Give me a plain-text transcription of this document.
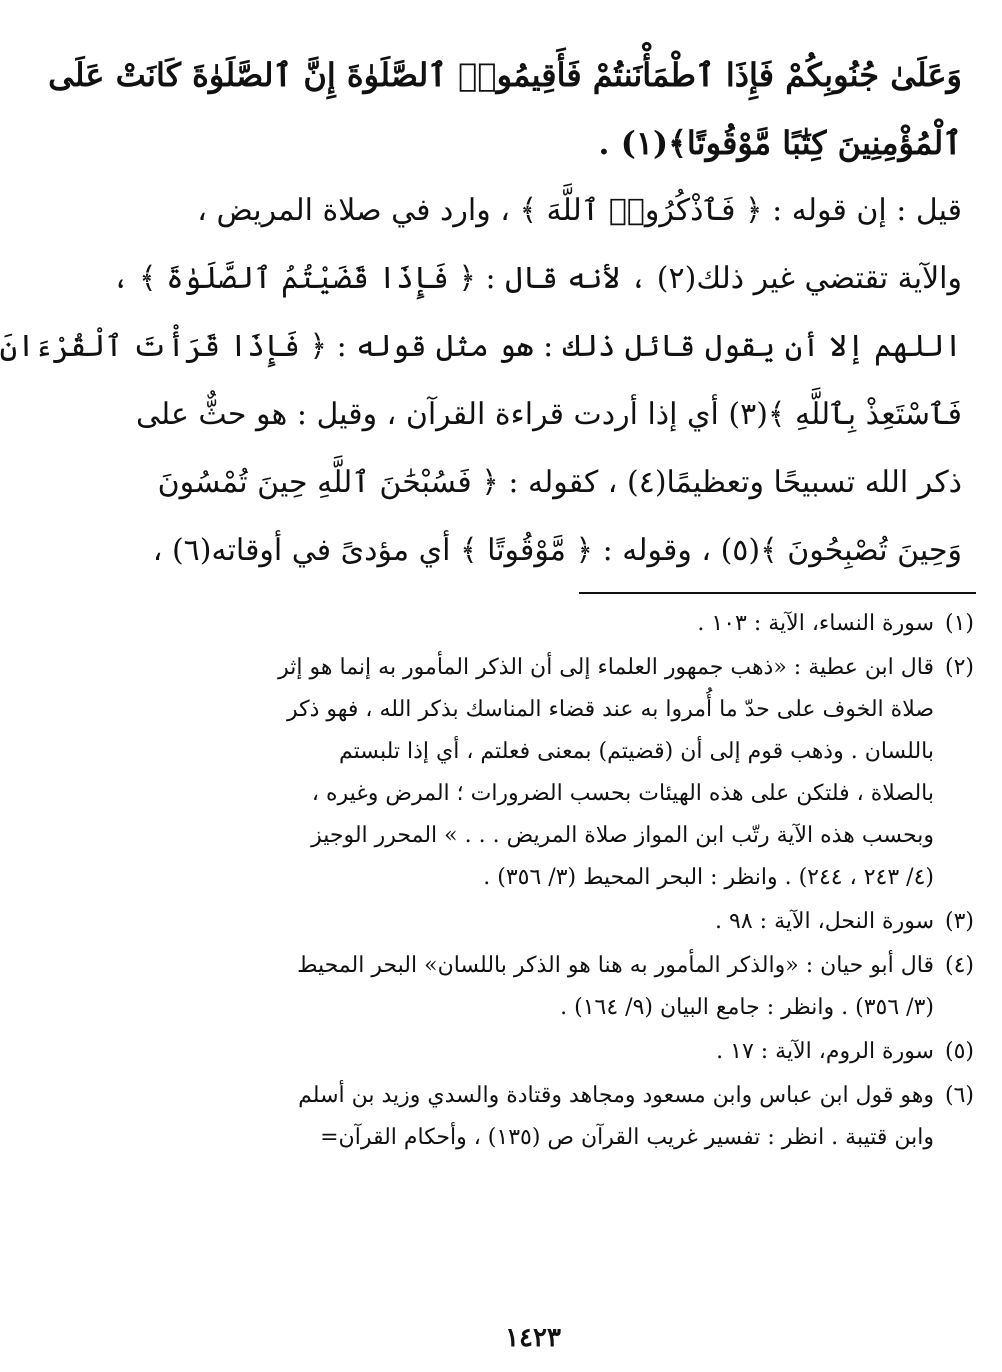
وَعَلَىٰ جُنُوبِكُمْ فَإِذَا ٱطْمَأْنَنتُمْ فَأَقِيمُوا۟ ٱلصَّلَوٰةَ إِنَّ ٱلصَّلَوٰةَ كَانَتْ عَلَى
ٱلْمُؤْمِنِينَ كِتَٰبًا مَّوْقُوتًا﴾(١) .
قيل : إن قوله : ﴿ فَٱذْكُرُوا۟ ٱللَّهَ ﴾ ، وارد في صلاة المريض ،
والآية تقتضي غير ذلك(٢) ، لأنه قال : ﴿ فَإِذَا قَضَيْتُمُ ٱلصَّلَوٰةَ ﴾ ،
اللهم إلا أن يقول قائل ذلك : هو مثل قوله : ﴿ فَإِذَا قَرَأْتَ ٱلْقُرْءَانَ
فَٱسْتَعِذْ بِٱللَّهِ ﴾(٣) أي إذا أردت قراءة القرآن ، وقيل : هو حثٌّ على
ذكر الله تسبيحًا وتعظيمًا(٤) ، كقوله : ﴿ فَسُبْحَٰنَ ٱللَّهِ حِينَ تُمْسُونَ
وَحِينَ تُصْبِحُونَ ﴾(٥) ، وقوله : ﴿ مَّوْقُوتًا ﴾ أي مؤدىً في أوقاته(٦) ،
(١)
سورة النساء، الآية : ١٠٣ .
(٢)
قال ابن عطية : «ذهب جمهور العلماء إلى أن الذكر المأمور به إنما هو إثر
صلاة الخوف على حدّ ما أُمروا به عند قضاء المناسك بذكر الله ، فهو ذكر
باللسان . وذهب قوم إلى أن (قضيتم) بمعنى فعلتم ، أي إذا تلبستم
بالصلاة ، فلتكن على هذه الهيئات بحسب الضرورات ؛ المرض وغيره ،
وبحسب هذه الآية رتّب ابن المواز صلاة المريض . . . » المحرر الوجيز
(٤/ ٢٤٣ ، ٢٤٤) . وانظر : البحر المحيط (٣/ ٣٥٦) .
(٣)
سورة النحل، الآية : ٩٨ .
(٤)
قال أبو حيان : «والذكر المأمور به هنا هو الذكر باللسان» البحر المحيط
(٣/ ٣٥٦) . وانظر : جامع البيان (٩/ ١٦٤) .
(٥)
سورة الروم، الآية : ١٧ .
(٦)
وهو قول ابن عباس وابن مسعود ومجاهد وقتادة والسدي وزيد بن أسلم
وابن قتيبة . انظر : تفسير غريب القرآن ص (١٣٥) ، وأحكام القرآن=
١٤٢٣
